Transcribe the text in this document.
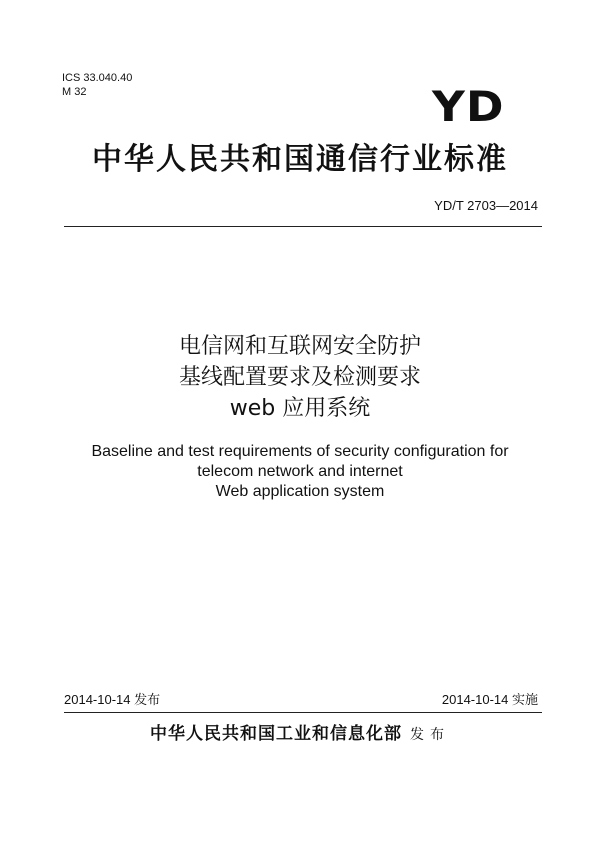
ICS 33.040.40
M 32	YD
中华人民共和国通信行业标准
YD/T 2703—2014
电信网和互联网安全防护
基线配置要求及检测要求
web 应用系统
Baseline and test requirements of security configuration for
telecom network and internet
Web application system
2014-10-14 发布	2014-10-14 实施
中华人民共和国工业和信息化部 发布
